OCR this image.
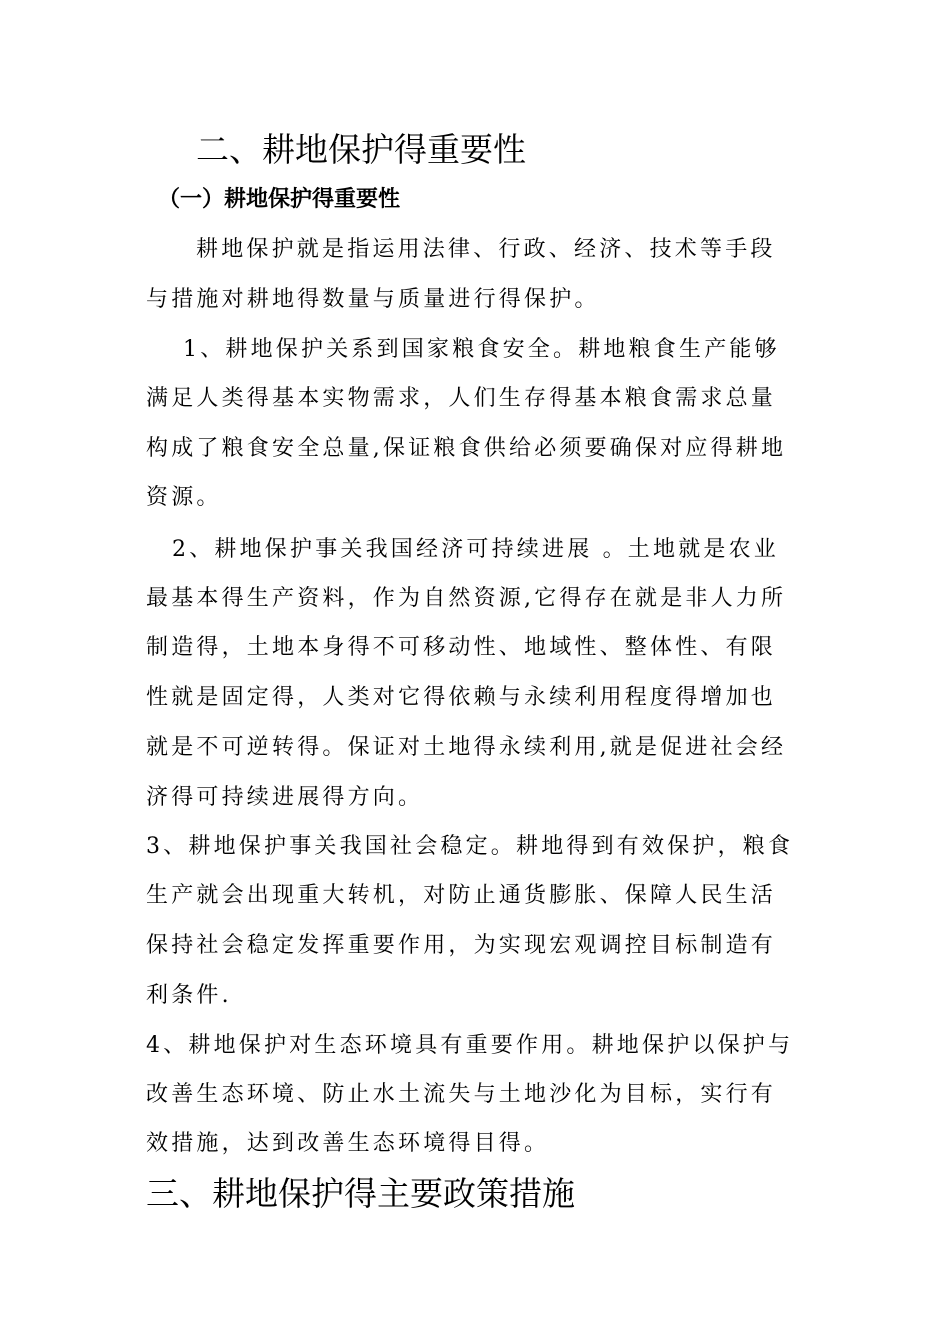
二、耕地保护得重要性
（一）耕地保护得重要性
耕地保护就是指运用法律、行政、经济、技术等手段
与措施对耕地得数量与质量进行得保护。
1、耕地保护关系到国家粮食安全。耕地粮食生产能够
满足人类得基本实物需求，人们生存得基本粮食需求总量
构成了粮食安全总量,保证粮食供给必须要确保对应得耕地
资源。
2、耕地保护事关我国经济可持续进展 。土地就是农业
最基本得生产资料，作为自然资源,它得存在就是非人力所
制造得，土地本身得不可移动性、地域性、整体性、有限
性就是固定得，人类对它得依赖与永续利用程度得增加也
就是不可逆转得。保证对土地得永续利用,就是促进社会经
济得可持续进展得方向。
3、耕地保护事关我国社会稳定。耕地得到有效保护，粮食
生产就会出现重大转机，对防止通货膨胀、保障人民生活
保持社会稳定发挥重要作用，为实现宏观调控目标制造有
利条件.
4、耕地保护对生态环境具有重要作用。耕地保护以保护与
改善生态环境、防止水土流失与土地沙化为目标，实行有
效措施，达到改善生态环境得目得。
三、耕地保护得主要政策措施
